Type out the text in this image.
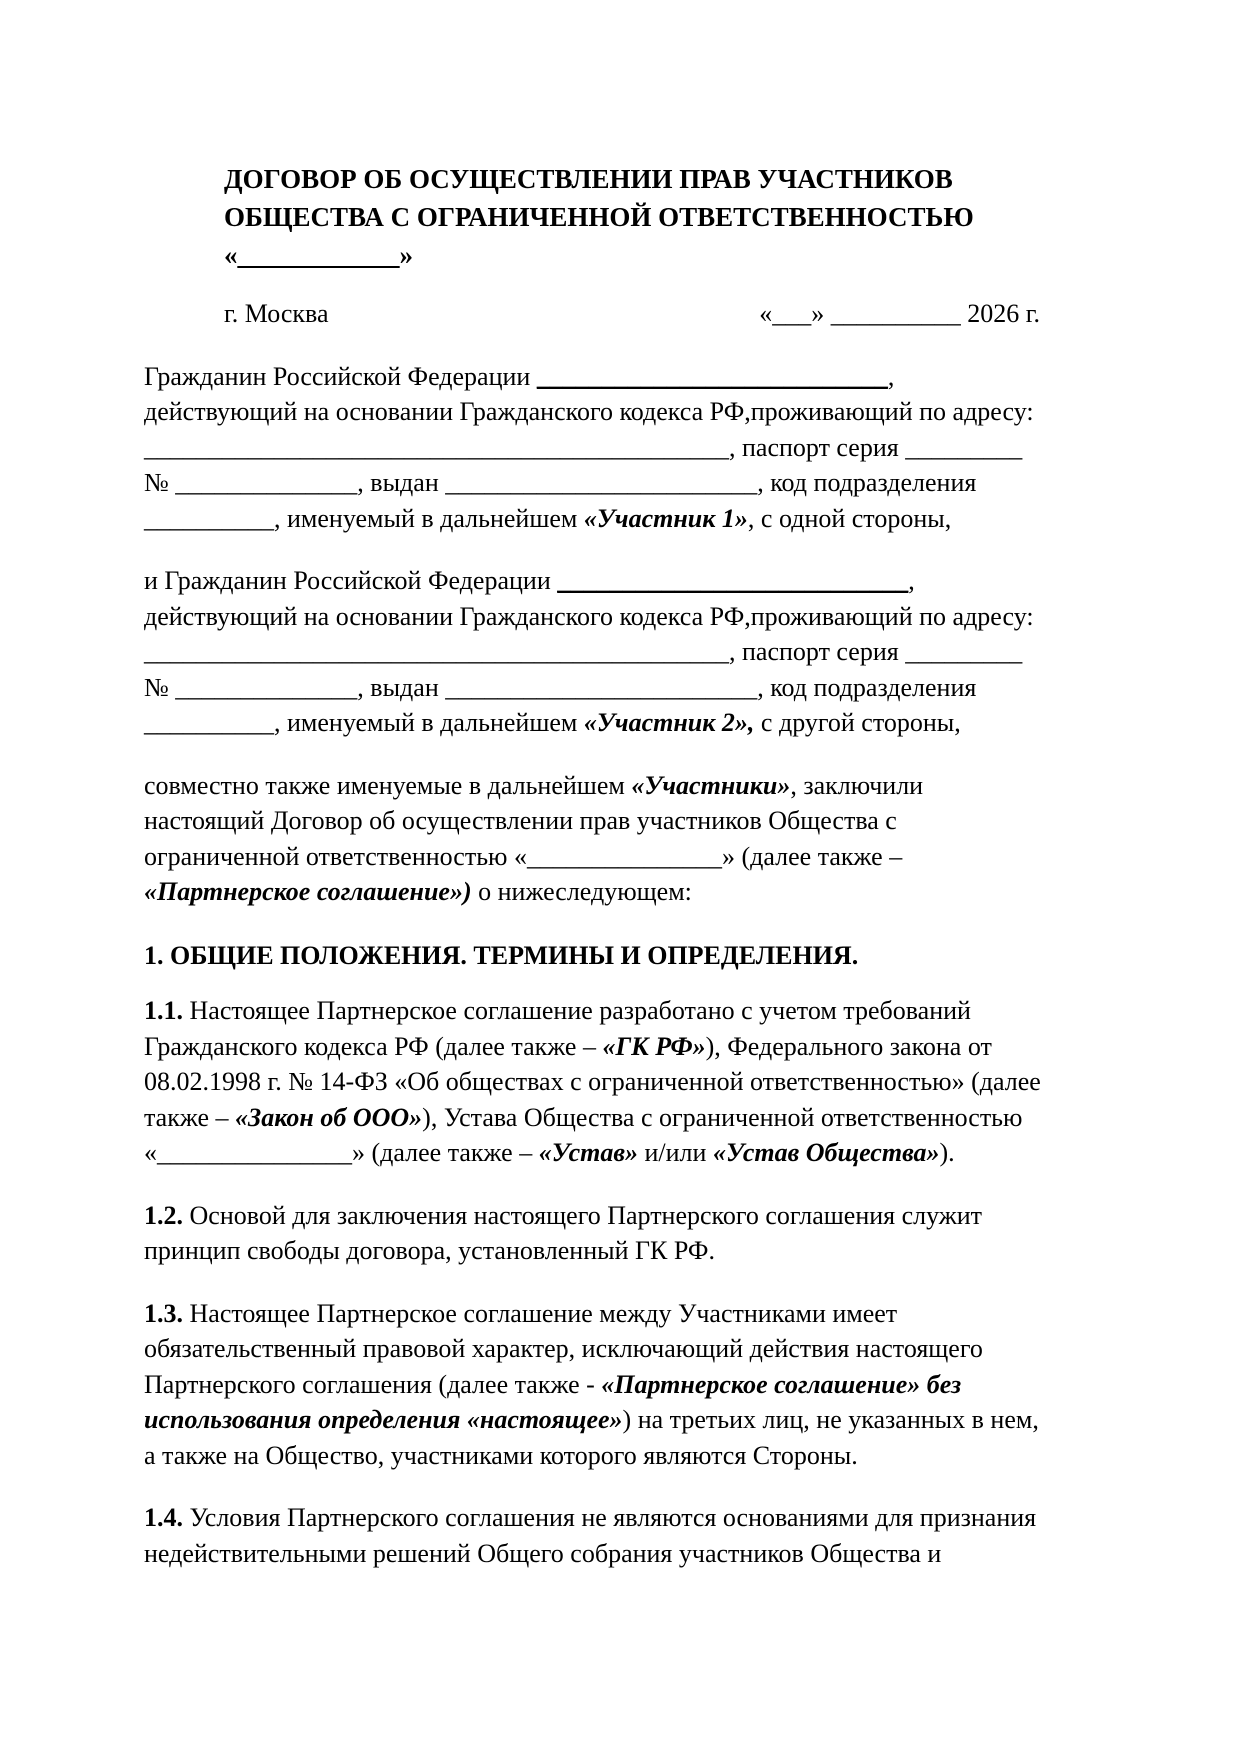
ДОГОВОР ОБ ОСУЩЕСТВЛЕНИИ ПРАВ УЧАСТНИКОВ
ОБЩЕСТВА С ОГРАНИЧЕННОЙ ОТВЕТСТВЕННОСТЬЮ
«____________»
г. Москва	«___» __________ 2026 г.
Гражданин Российской Федерации ___________________________,
действующий на основании Гражданского кодекса РФ,проживающий по адресу:
_____________________________________________, паспорт серия _________
№ ______________, выдан ________________________, код подразделения
__________, именуемый в дальнейшем «Участник 1», с одной стороны,
и Гражданин Российской Федерации ___________________________,
действующий на основании Гражданского кодекса РФ,проживающий по адресу:
_____________________________________________, паспорт серия _________
№ ______________, выдан ________________________, код подразделения
__________, именуемый в дальнейшем «Участник 2», с другой стороны,
совместно также именуемые в дальнейшем «Участники», заключили
настоящий Договор об осуществлении прав участников Общества с
ограниченной ответственностью «_______________» (далее также –
«Партнерское соглашение») о нижеследующем:
1. ОБЩИЕ ПОЛОЖЕНИЯ. ТЕРМИНЫ И ОПРЕДЕЛЕНИЯ.
1.1. Настоящее Партнерское соглашение разработано с учетом требований
Гражданского кодекса РФ (далее также – «ГК РФ»), Федерального закона от
08.02.1998 г. № 14-ФЗ «Об обществах с ограниченной ответственностью» (далее
также – «Закон об ООО»), Устава Общества с ограниченной ответственностью
«_______________» (далее также – «Устав» и/или «Устав Общества»).
1.2. Основой для заключения настоящего Партнерского соглашения служит
принцип свободы договора, установленный ГК РФ.
1.3. Настоящее Партнерское соглашение между Участниками имеет
обязательственный правовой характер, исключающий действия настоящего
Партнерского соглашения (далее также - «Партнерское соглашение» без
использования определения «настоящее») на третьих лиц, не указанных в нем,
а также на Общество, участниками которого являются Стороны.
1.4. Условия Партнерского соглашения не являются основаниями для признания
недействительными решений Общего собрания участников Общества и
